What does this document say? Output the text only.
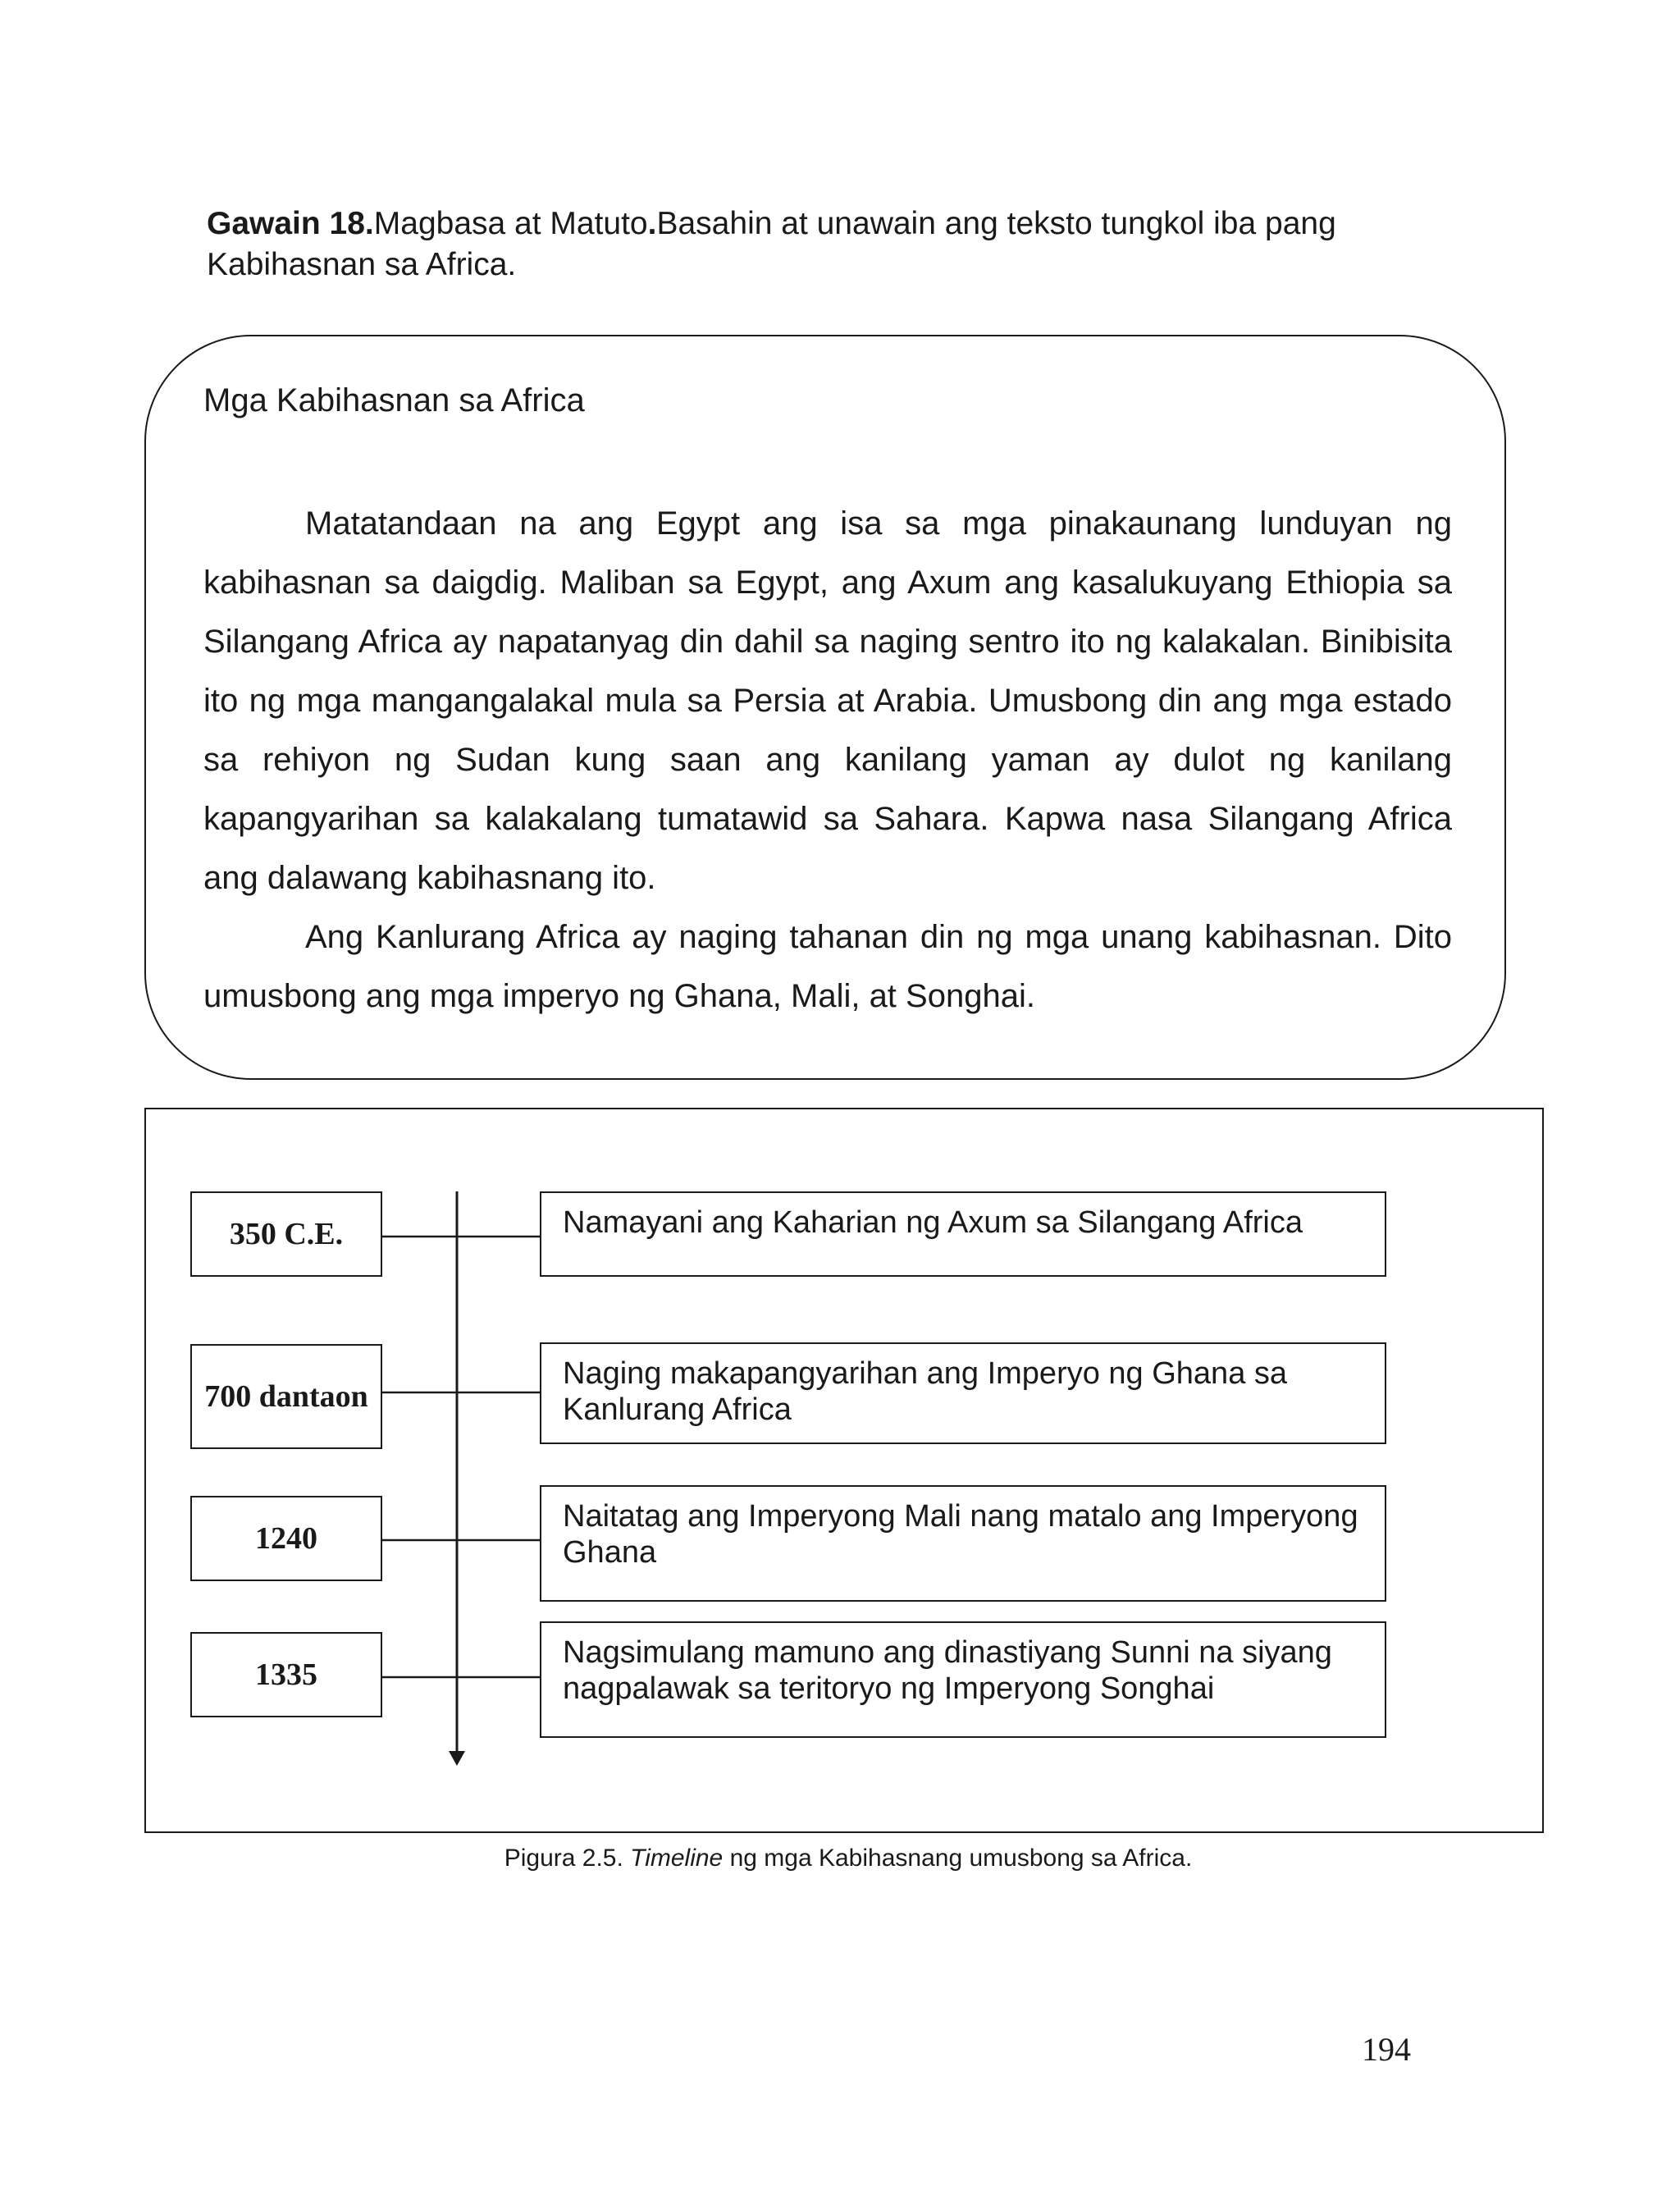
Gawain 18.Magbasa at Matuto.Basahin at unawain ang teksto tungkol iba pang Kabihasnan sa Africa.
Mga Kabihasnan sa Africa

Matatandaan na ang Egypt ang isa sa mga pinakaunang lunduyan ng kabihasnan sa daigdig. Maliban sa Egypt, ang Axum ang kasalukuyang Ethiopia sa Silangang Africa ay napatanyag din dahil sa naging sentro ito ng kalakalan. Binibisita ito ng mga mangangalakal mula sa Persia at Arabia. Umusbong din ang mga estado sa rehiyon ng Sudan kung saan ang kanilang yaman ay dulot ng kanilang kapangyarihan sa kalakalang tumatawid sa Sahara. Kapwa nasa Silangang Africa ang dalawang kabihasnang ito.

Ang Kanlurang Africa ay naging tahanan din ng mga unang kabihasnan. Dito umusbong ang mga imperyo ng Ghana, Mali, at Songhai.

350 C.E.
700 dantaon
1240
1335
Namayani ang Kaharian ng Axum sa Silangang Africa
Naging makapangyarihan ang Imperyo ng Ghana sa Kanlurang Africa
Naitatag ang Imperyong Mali nang matalo ang Imperyong Ghana
Nagsimulang mamuno ang dinastiyang Sunni na siyang nagpalawak sa teritoryo ng Imperyong Songhai
Pigura 2.5. Timeline ng mga Kabihasnang umusbong sa Africa.
194
